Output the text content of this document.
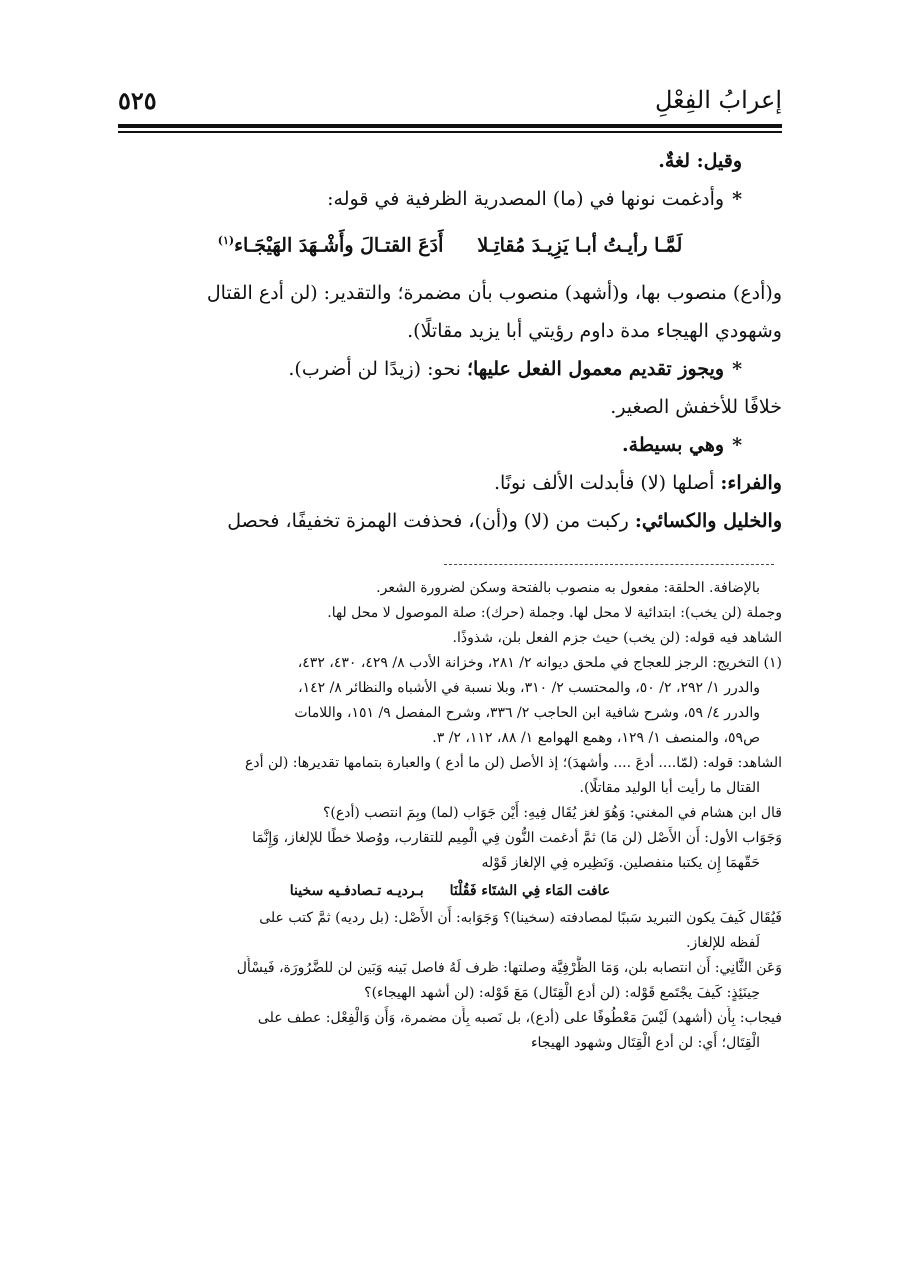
إعرابُ الفِعْلِ
٥٢٥

وقيل: لغةٌ.

*وأدغمت نونها في (ما) المصدرية الظرفية في قوله:

لَمَّـا رأيـتُ أبـا يَزِيـدَ مُقاتِـلاأَدَعَ القتـالَ وأَشْـهَدَ الهَيْجَـاء$^{(١)}$

و(أدع) منصوب بها، و(أشهد) منصوب بأن مضمرة؛ والتقدير: (لن أدع القتال

وشهودي الهيجاء مدة داوم رؤيتي أبا يزيد مقاتلًا).

*ويجوز تقديم معمول الفعل عليها؛ نحو: (زيدًا لن أضرب).

خلافًا للأخفش الصغير.

*وهي بسيطة.

والفراء: أصلها (لا) فأبدلت الألف نونًا.

والخليل والكسائي: ركبت من (لا) و(أن)، فحذفت الهمزة تخفيفًا، فحصل

بالإضافة. الحلقة: مفعول به منصوب بالفتحة وسكن لضرورة الشعر.

وجملة (لن يخب): ابتدائية لا محل لها. وجملة (حرك): صلة الموصول لا محل لها.

الشاهد فيه قوله: (لن يخب) حيث جزم الفعل بلن، شذوذًا.

(١) التخريج: الرجز للعجاج في ملحق ديوانه ٢/ ٢٨١، وخزانة الأدب ٨/ ٤٢٩، ٤٣٠، ٤٣٢،

والدرر ١/ ٢٩٢، ٢/ ٥٠، والمحتسب ٢/ ٣١٠، وبلا نسبة في الأشباه والنظائر ٨/ ١٤٢،

والدرر ٤/ ٥٩، وشرح شافية ابن الحاجب ٢/ ٣٣٦، وشرح المفصل ٩/ ١٥١، واللامات

ص٥٩، والمنصف ١/ ١٢٩، وهمع الهوامع ١/ ٨٨، ١١٢، ٢/ ٣.

الشاهد: قوله: (لمّا.... أدعَ .... وأشهدَ)؛ إذ الأصل (لن ما أدع ) والعبارة بتمامها تقديرها: (لن أدع

القتال ما رأيت أبا الوليد مقاتلًا).

قال ابن هشام في المغني: وَهُوَ لغز يُقَال فِيهِ: أَيْن جَوَاب (لما) وبِمَ انتصب (أدع)؟

وَجَوَاب الأول: أَن الأَصْل (لن مَا) ثمَّ أدغمت النُّون فِي الْمِيم للتقارب، ووُصلا خطًا للإلغاز، وَإِنَّمَا

حَقّهمَا إِن يكتبا منفصلين. وَنَظِيره فِي الإلغاز قَوْله

عافت المَاء فِي الشتَاء فَقُلْنَابـرديـه تـصادفـيه سخينا

فَيُقَال كَيفَ يكون التبريد سَببًا لمصادفته (سخينا)؟ وَجَوَابه: أَن الأَصْل: (بل رديه) ثمَّ كتب على

لَفظه للإلغاز.

وَعَن الثَّانِي: أَن انتصابه بلن، وَمَا الظَّرْفِيَّة وصلتها: ظرف لَهُ فاصل بَينه وَبَين لن للضَّرُورَة، فَيسْأَل

حِينَئِذٍ: كَيفَ يجْتَمع قَوْله: (لن أدع الْقِتَال) مَعَ قَوْله: (لن أشهد الهيجاء)؟

فيجاب: بِأَن (أشهد) لَيْسَ مَعْطُوفًا على (أدع)، بل نَصبه بِأَن مضمرة، وَأَن وَالْفِعْل: عطف على

الْقِتَال؛ أَي: لن أدع الْقِتَال وشهود الهيجاء
